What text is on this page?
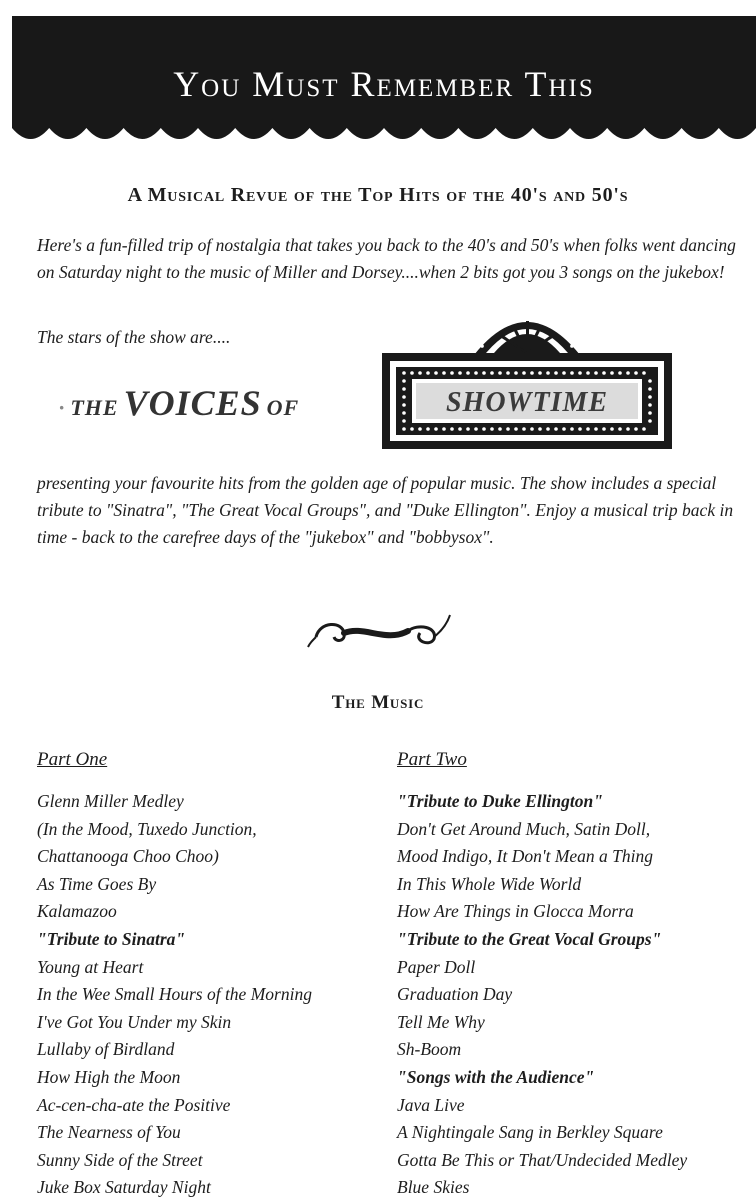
You Must Remember This
A Musical Revue of the Top Hits of the 40's and 50's
Here's a fun-filled trip of nostalgia that takes you back to the 40's and 50's when folks went dancing on Saturday night to the music of Miller and Dorsey....when 2 bits got you 3 songs on the jukebox!
The stars of the show are....
· THE VOICES OF	SHOWTIME
presenting your favourite hits from the golden age of popular music. The show includes a special tribute to "Sinatra", "The Great Vocal Groups", and "Duke Ellington". Enjoy a musical trip back in time - back to the carefree days of the "jukebox" and "bobbysox".
The Music
Part One
Glenn Miller Medley
(In the Mood, Tuxedo Junction,
Chattanooga Choo Choo)
As Time Goes By
Kalamazoo
"Tribute to Sinatra"
Young at Heart
In the Wee Small Hours of the Morning
I've Got You Under my Skin
Lullaby of Birdland
How High the Moon
Ac-cen-cha-ate the Positive
The Nearness of You
Sunny Side of the Street
Juke Box Saturday Night
Part Two
"Tribute to Duke Ellington"
Don't Get Around Much, Satin Doll,
Mood Indigo, It Don't Mean a Thing
In This Whole Wide World
How Are Things in Glocca Morra
"Tribute to the Great Vocal Groups"
Paper Doll
Graduation Day
Tell Me Why
Sh-Boom
"Songs with the Audience"
Java Live
A Nightingale Sang in Berkley Square
Gotta Be This or That/Undecided Medley
Blue Skies
